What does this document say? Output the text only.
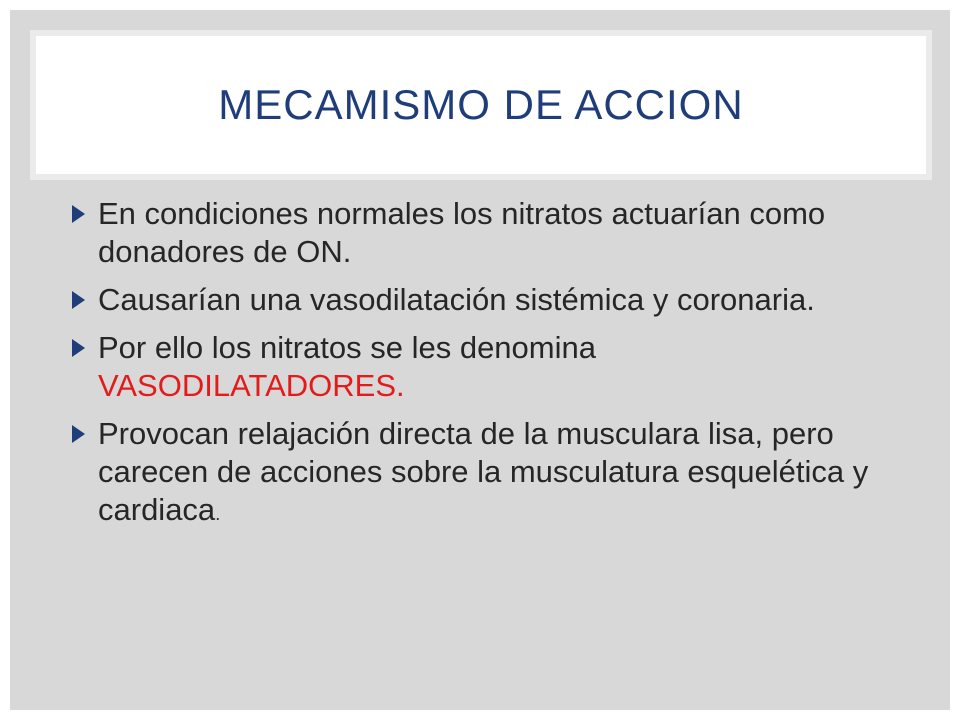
MECAMISMO DE ACCION
En condiciones normales los nitratos actuarían como donadores de ON.
Causarían una vasodilatación sistémica y coronaria.
Por ello los nitratos se les denomina VASODILATADORES.
Provocan relajación directa de la musculara lisa, pero carecen de acciones sobre la musculatura esquelética y cardiaca.
